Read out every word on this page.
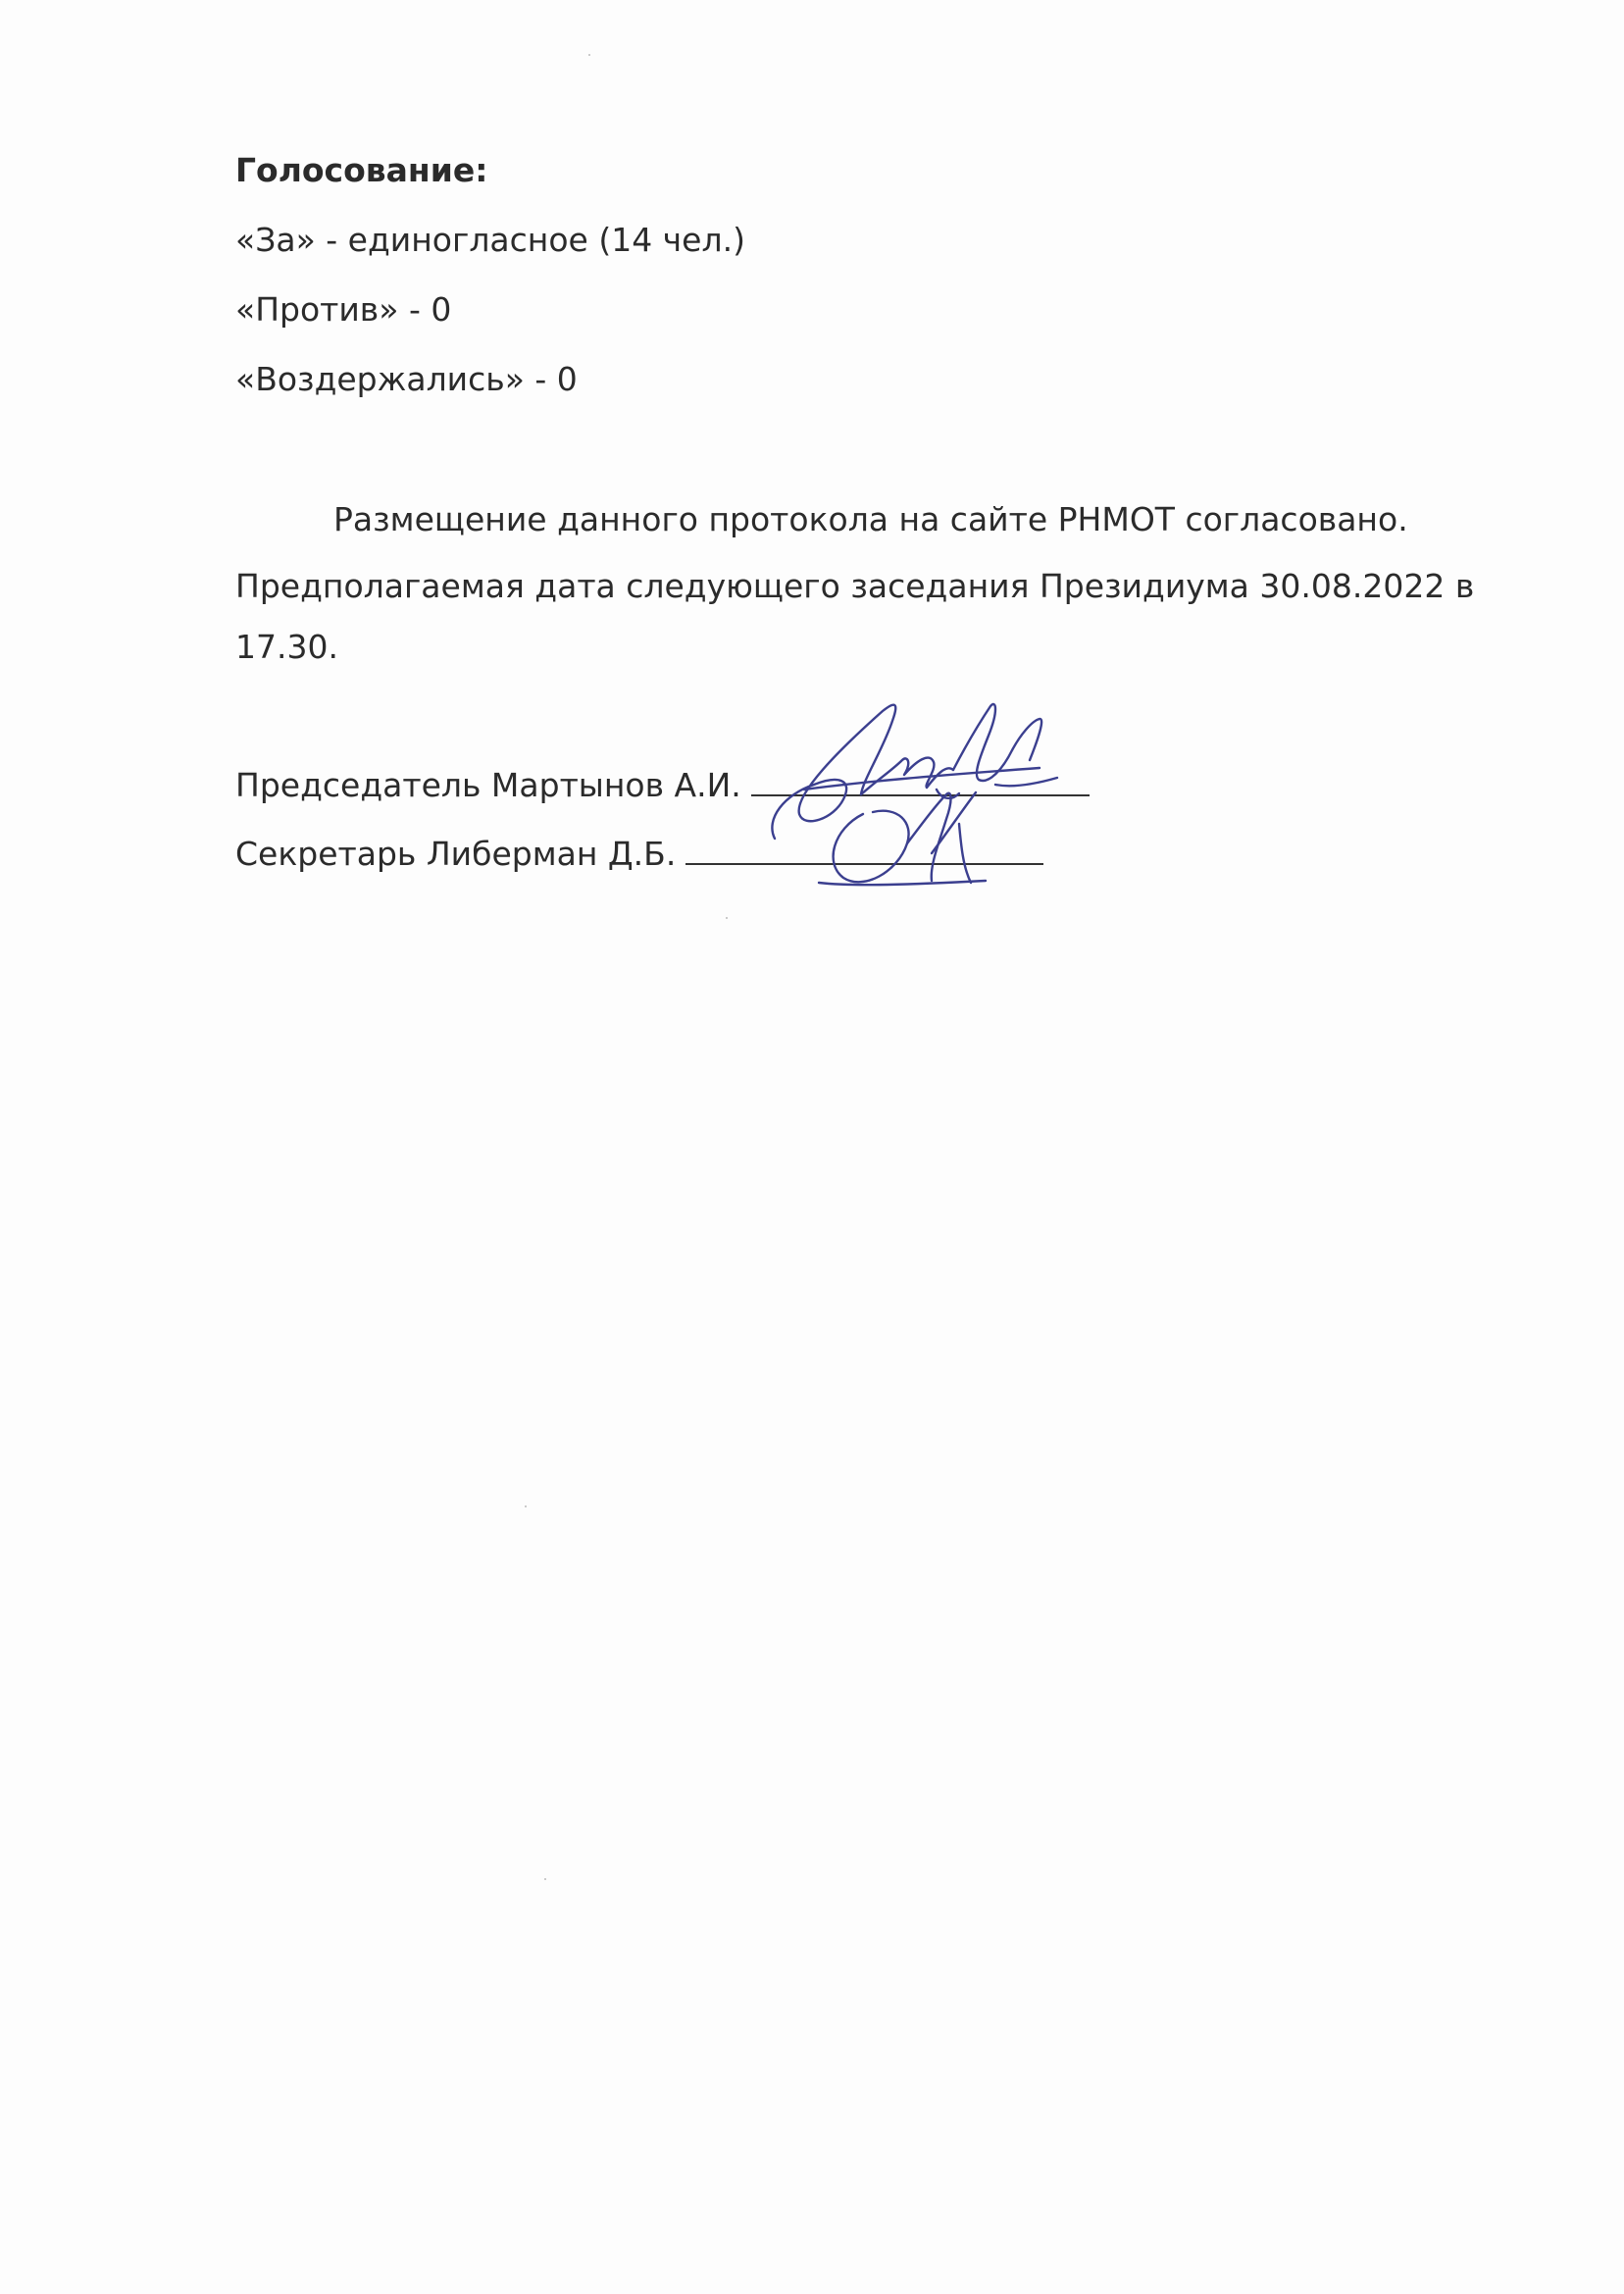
Голосование:
«За» - единогласное (14 чел.)
«Против» - 0
«Воздержались» - 0
Размещение данного протокола на сайте РНМОТ согласовано.
Предполагаемая дата следующего заседания Президиума 30.08.2022 в
17.30.
Председатель Мартынов А.И.
Секретарь Либерман Д.Б.
